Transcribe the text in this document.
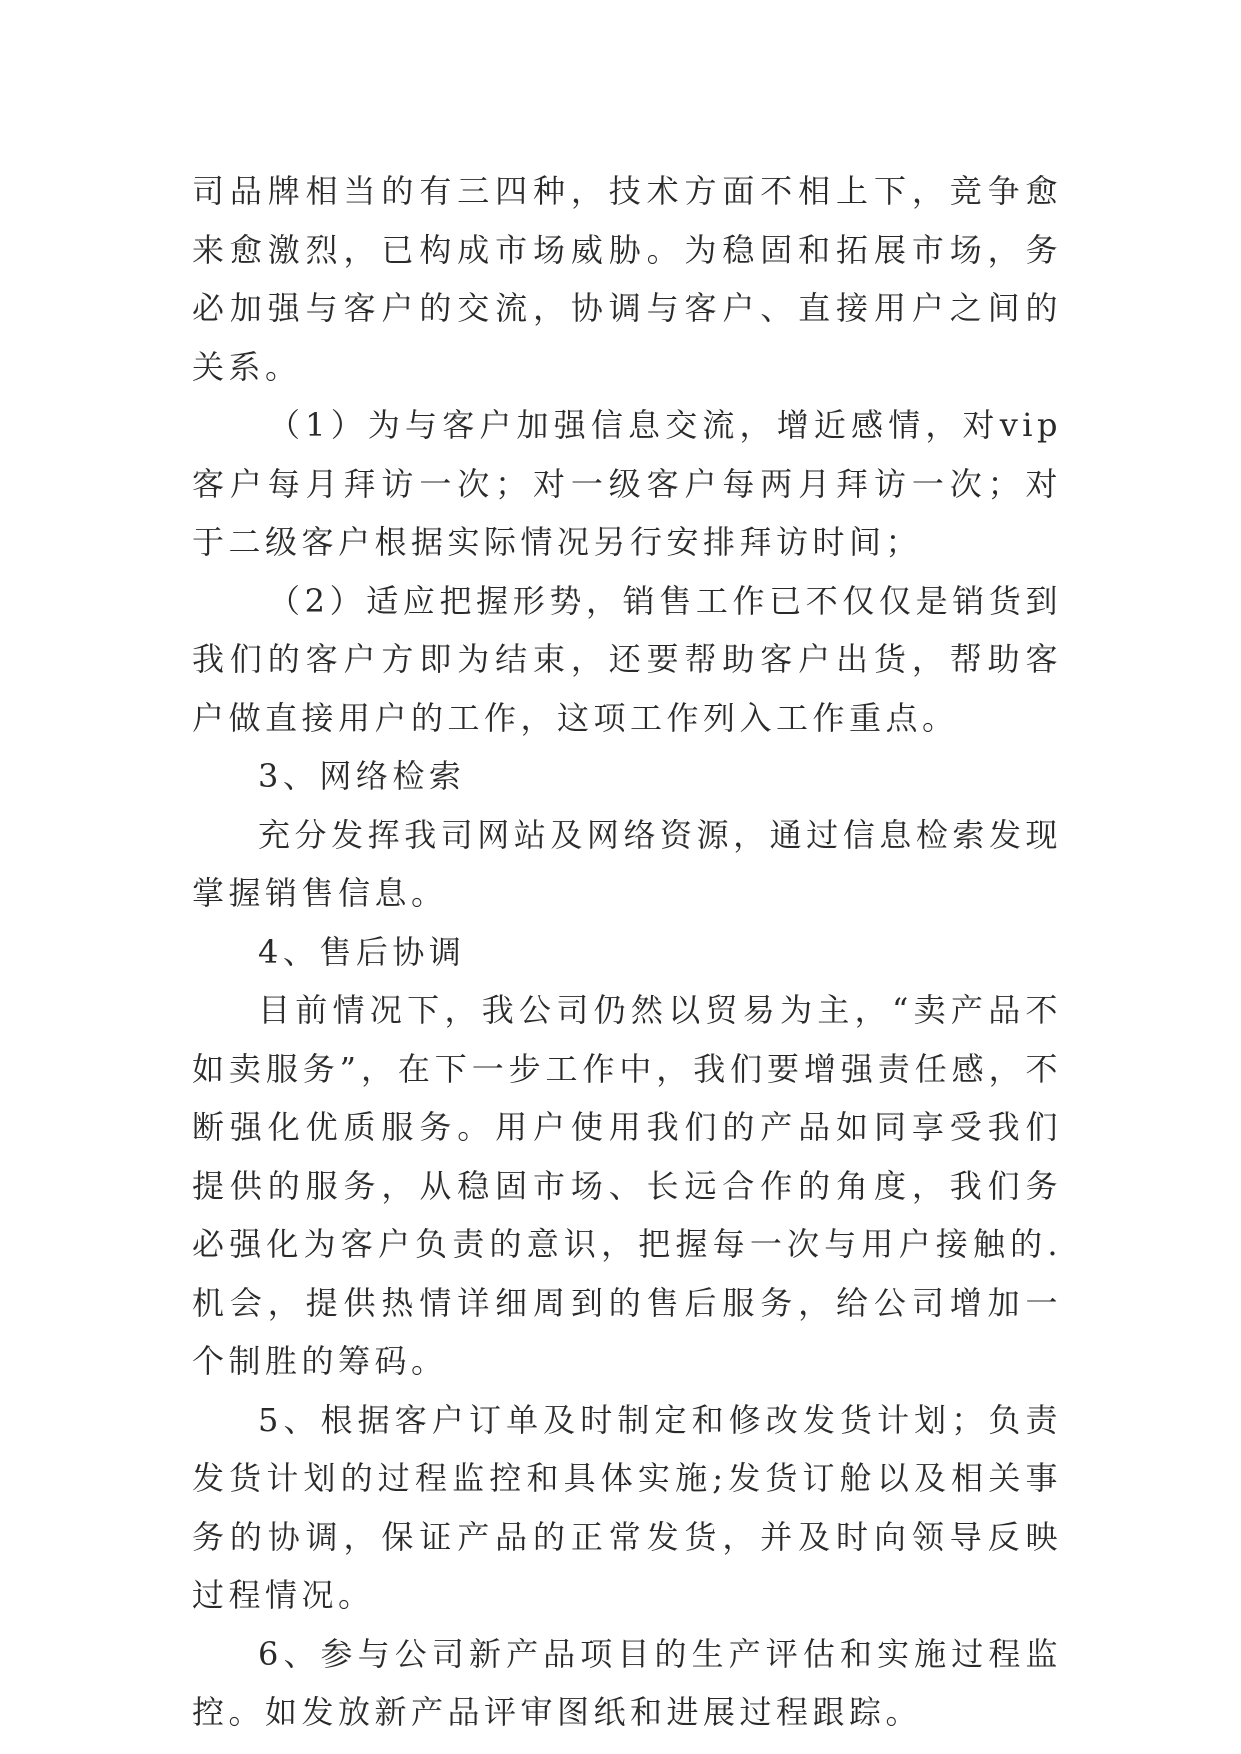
司品牌相当的有三四种，技术方面不相上下，竞争愈来愈激烈，已构成市场威胁。为稳固和拓展市场，务必加强与客户的交流，协调与客户、直接用户之间的关系。

（1）为与客户加强信息交流，增近感情，对vip客户每月拜访一次；对一级客户每两月拜访一次；对于二级客户根据实际情况另行安排拜访时间；

（2）适应把握形势，销售工作已不仅仅是销货到我们的客户方即为结束，还要帮助客户出货，帮助客户做直接用户的工作，这项工作列入工作重点。

3、网络检索

充分发挥我司网站及网络资源，通过信息检索发现掌握销售信息。

4、售后协调

目前情况下，我公司仍然以贸易为主，“卖产品不如卖服务”，在下一步工作中，我们要增强责任感，不断强化优质服务。用户使用我们的产品如同享受我们提供的服务，从稳固市场、长远合作的角度，我们务必强化为客户负责的意识，把握每一次与用户接触的.机会，提供热情详细周到的售后服务，给公司增加一个制胜的筹码。

5、根据客户订单及时制定和修改发货计划；负责发货计划的过程监控和具体实施;发货订舱以及相关事务的协调，保证产品的正常发货，并及时向领导反映过程情况。

6、参与公司新产品项目的生产评估和实施过程监控。如发放新产品评审图纸和进展过程跟踪。
